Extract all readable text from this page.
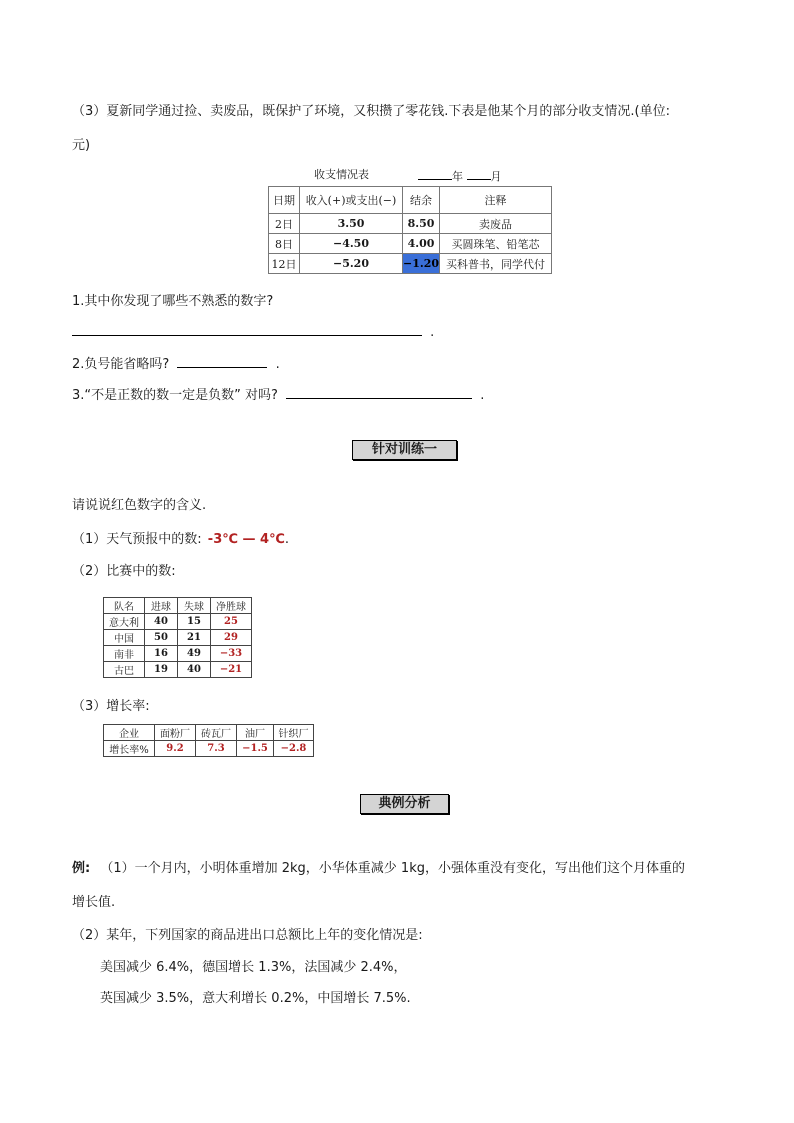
（3）夏新同学通过捡、卖废品，既保护了环境，又积攒了零花钱.下表是他某个月的部分收支情况.(单位:
元)
收支情况表	年	月
日期	收入(+)或支出(−)	结余	注释
2日	3.50	8.50	卖废品
8日	−4.50	4.00	买圆珠笔、铅笔芯
12日	−5.20	−1.20	买科普书，同学代付
1.其中你发现了哪些不熟悉的数字?
.
2.负号能省略吗?	.
3.“不是正数的数一定是负数” 对吗?	.
针对训练一
请说说红色数字的含义.
（1）天气预报中的数: -3℃ — 4℃.
（2）比赛中的数:
队名	进球	失球	净胜球
意大利	40	15	25
中国	50	21	29
南非	16	49	−33
古巴	19	40	−21
（3）增长率:
企业	面粉厂	砖瓦厂	油厂	针织厂
增长率%	9.2	7.3	−1.5	−2.8
典例分析
例: （1）一个月内，小明体重增加 2kg，小华体重减少 1kg，小强体重没有变化，写出他们这个月体重的
增长值.
（2）某年，下列国家的商品进出口总额比上年的变化情况是:
美国减少 6.4%，德国增长 1.3%，法国减少 2.4%，
英国减少 3.5%，意大利增长 0.2%，中国增长 7.5%.
